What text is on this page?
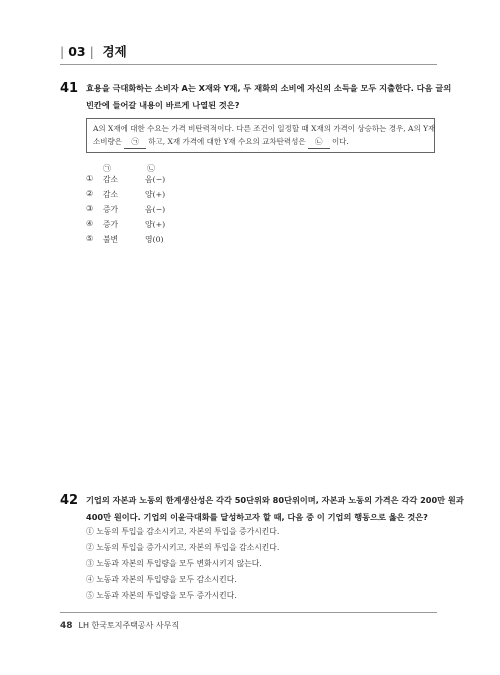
| 03 | 경제
41 효용을 극대화하는 소비자 A는 X재와 Y재, 두 재화의 소비에 자신의 소득을 모두 지출한다. 다음 글의
빈칸에 들어갈 내용이 바르게 나열된 것은?
A의 X재에 대한 수요는 가격 비탄력적이다. 다른 조건이 일정할 때 X재의 가격이 상승하는 경우, A의 Y재
소비량은 ㉠ 하고, X재 가격에 대한 Y재 수요의 교차탄력성은 ㉡ 이다.
㉠	㉡
① 감소	음(−)
② 감소	양(+)
③ 증가	음(−)
④ 증가	양(+)
⑤ 불변	영(0)
42 기업의 자본과 노동의 한계생산성은 각각 50단위와 80단위이며, 자본과 노동의 가격은 각각 200만 원과
400만 원이다. 기업의 이윤극대화를 달성하고자 할 때, 다음 중 이 기업의 행동으로 옳은 것은?
① 노동의 투입을 감소시키고, 자본의 투입을 증가시킨다.
② 노동의 투입을 증가시키고, 자본의 투입을 감소시킨다.
③ 노동과 자본의 투입량을 모두 변화시키지 않는다.
④ 노동과 자본의 투입량을 모두 감소시킨다.
⑤ 노동과 자본의 투입량을 모두 증가시킨다.
48 LH 한국토지주택공사 사무직
